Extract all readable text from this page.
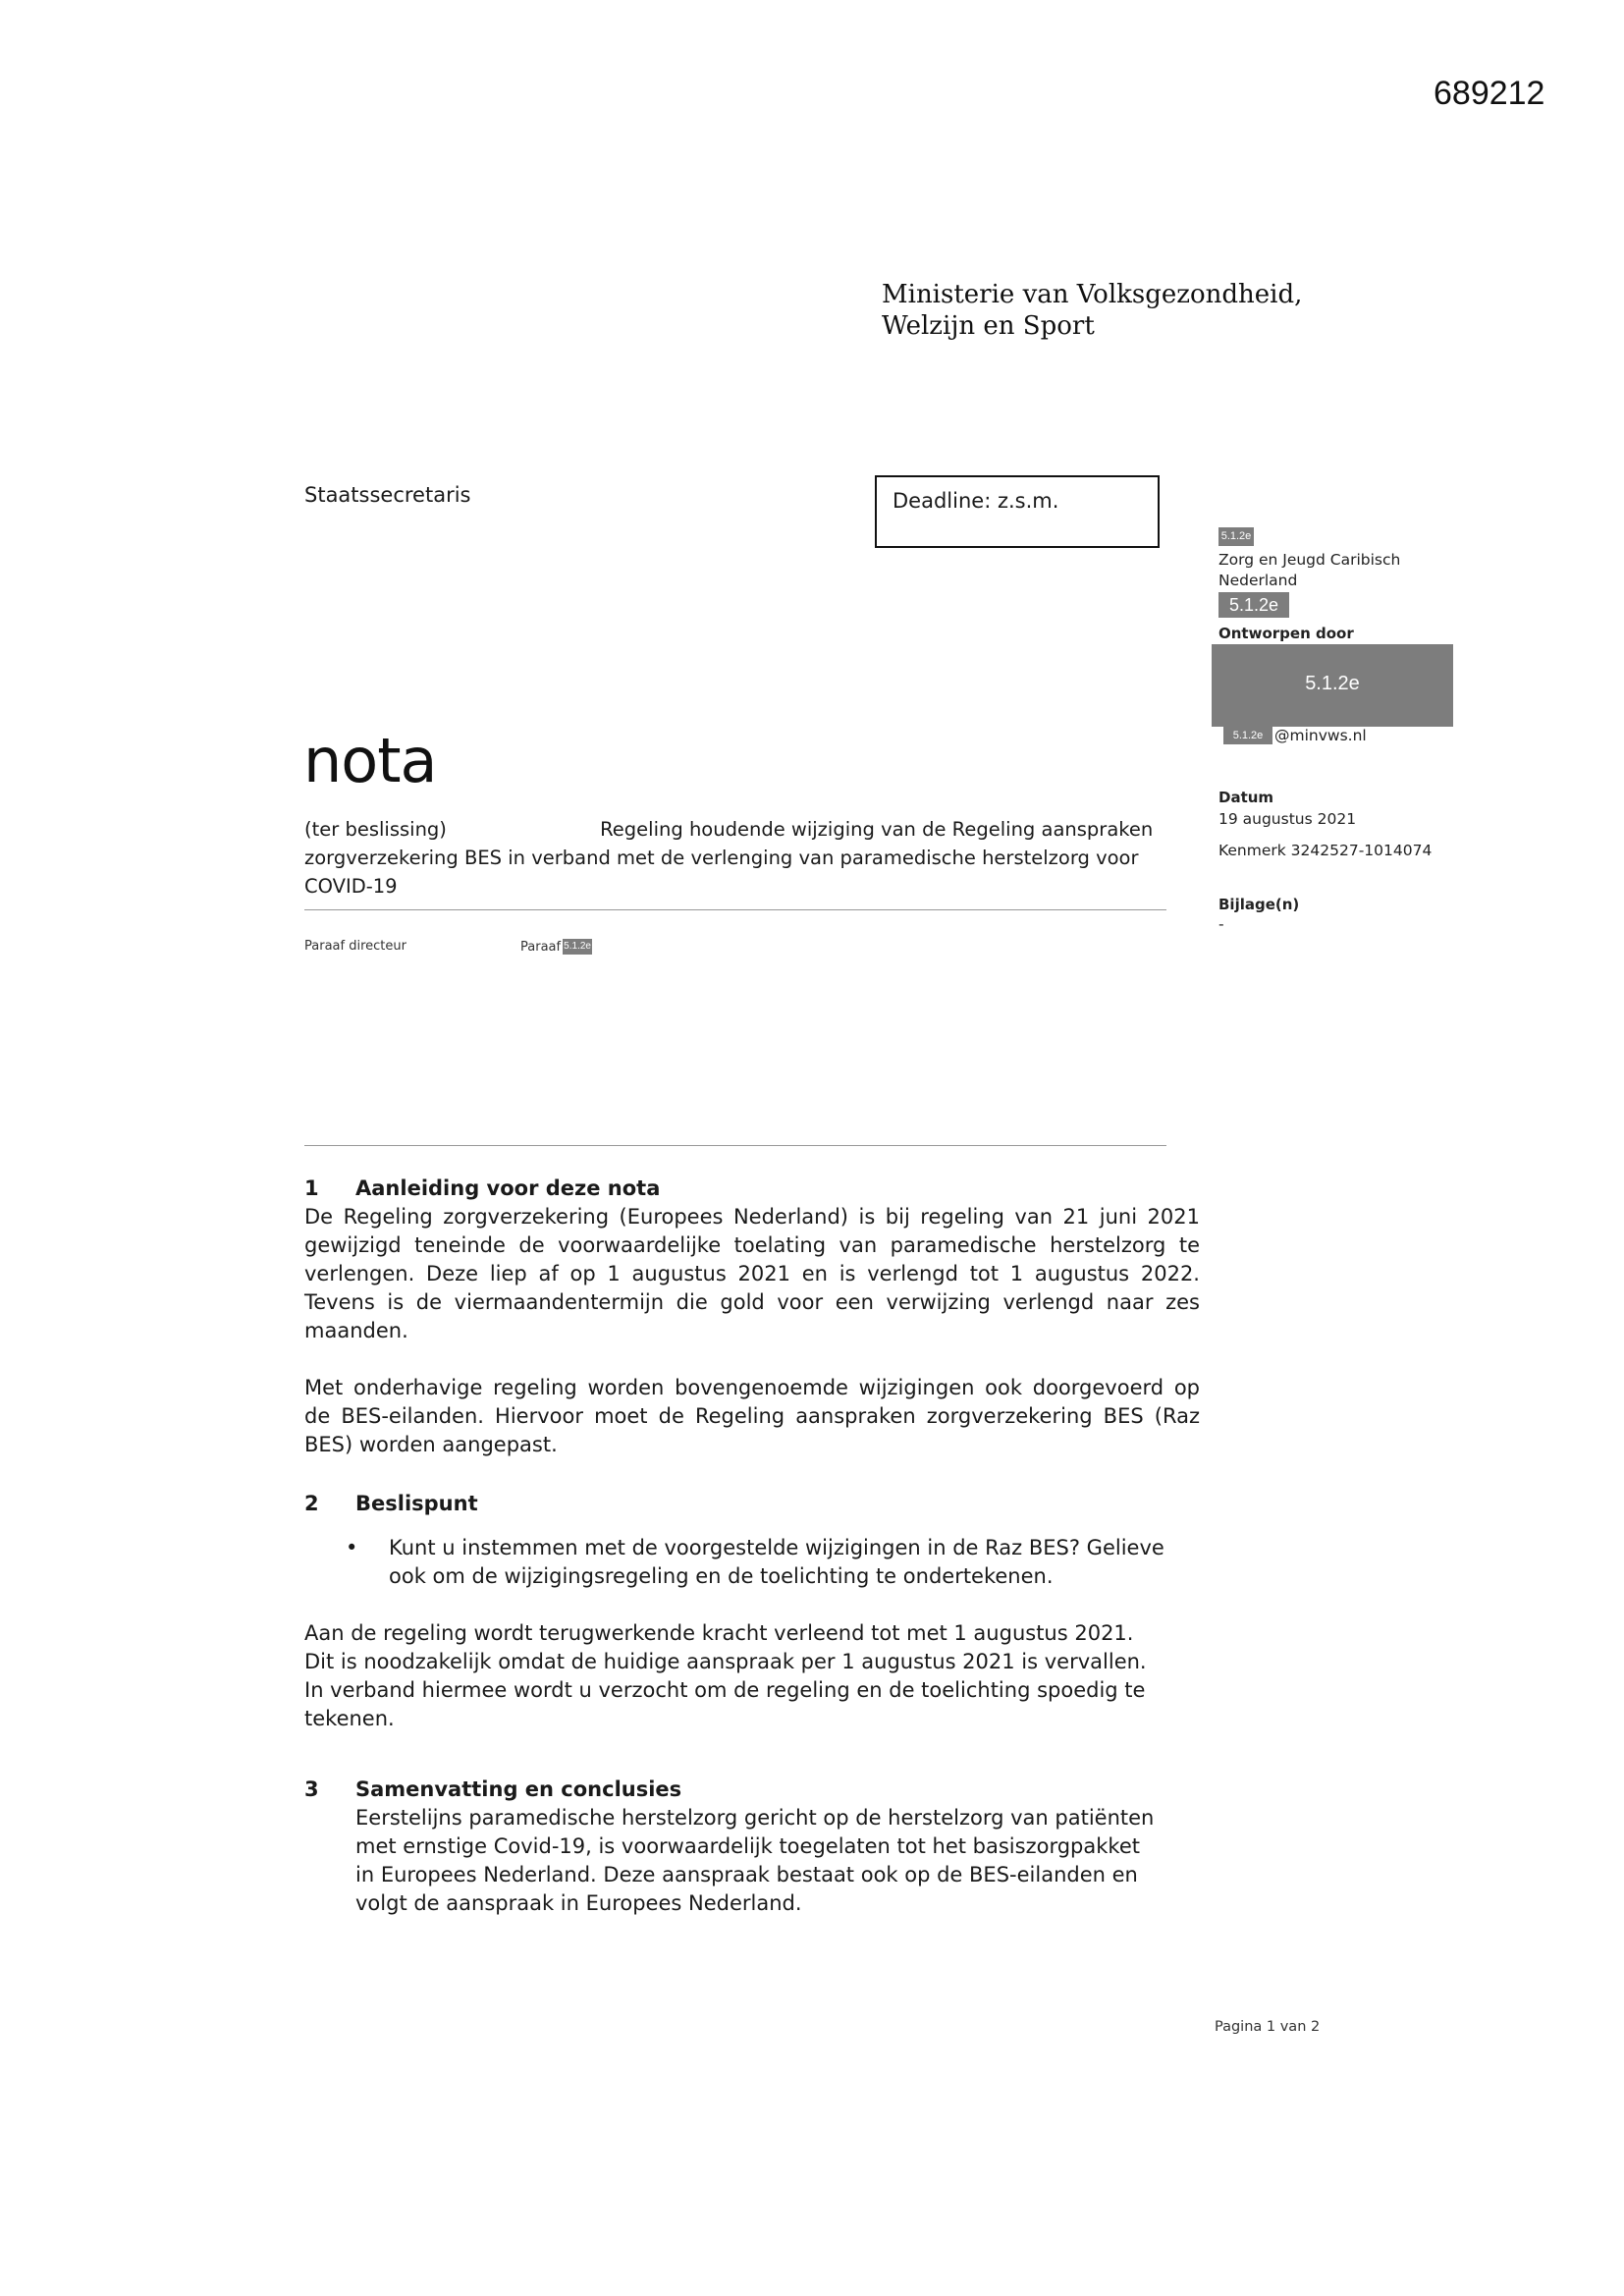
689212
Ministerie van Volksgezondheid,
Welzijn en Sport
Staatssecretaris	Deadline: z.s.m.
5.1.2e
Zorg en Jeugd Caribisch
Nederland
5.1.2e
Ontworpen door
5.1.2e
5.1.2e @minvws.nl
Datum
19 augustus 2021
Kenmerk 3242527-1014074
Bijlage(n)
-
nota
(ter beslissing)	Regeling houdende wijziging van de Regeling aanspraken
zorgverzekering BES in verband met de verlenging van paramedische herstelzorg voor
COVID-19
Paraaf directeur	Paraaf 5.1.2e
1 Aanleiding voor deze nota

De Regeling zorgverzekering (Europees Nederland) is bij regeling van 21 juni 2021 gewijzigd teneinde de voorwaardelijke toelating van paramedische herstelzorg te verlengen. Deze liep af op 1 augustus 2021 en is verlengd tot 1 augustus 2022. Tevens is de viermaandentermijn die gold voor een verwijzing verlengd naar zes maanden.

Met onderhavige regeling worden bovengenoemde wijzigingen ook doorgevoerd op de BES-eilanden. Hiervoor moet de Regeling aanspraken zorgverzekering BES (Raz BES) worden aangepast.

2 Beslispunt
• Kunt u instemmen met de voorgestelde wijzigingen in de Raz BES? Gelieve
ook om de wijzigingsregeling en de toelichting te ondertekenen.
Aan de regeling wordt terugwerkende kracht verleend tot met 1 augustus 2021.
Dit is noodzakelijk omdat de huidige aanspraak per 1 augustus 2021 is vervallen.
In verband hiermee wordt u verzocht om de regeling en de toelichting spoedig te
tekenen.
3 Samenvatting en conclusies
Eerstelijns paramedische herstelzorg gericht op de herstelzorg van patiënten
met ernstige Covid-19, is voorwaardelijk toegelaten tot het basiszorgpakket
in Europees Nederland. Deze aanspraak bestaat ook op de BES-eilanden en
volgt de aanspraak in Europees Nederland.
Pagina 1 van 2
